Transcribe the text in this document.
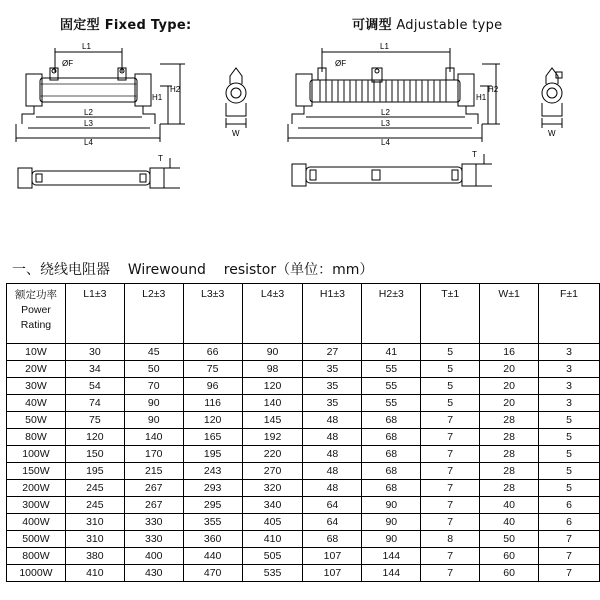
固定型 Fixed Type:	可调型 Adjustable type
L1
ØF
L2
L3
L4
H1
H2
W
T
L1
ØF
L2
L3
L4
H1
H2
W
T
一、绕线电阻器 Wirewound resistor（单位：mm）
额定功率
Power
Rating	L1±3	L2±3	L3±3	L4±3	H1±3	H2±3	T±1	W±1	F±1
10W	30	45	66	90	27	41	5	16	3
20W	34	50	75	98	35	55	5	20	3
30W	54	70	96	120	35	55	5	20	3
40W	74	90	116	140	35	55	5	20	3
50W	75	90	120	145	48	68	7	28	5
80W	120	140	165	192	48	68	7	28	5
100W	150	170	195	220	48	68	7	28	5
150W	195	215	243	270	48	68	7	28	5
200W	245	267	293	320	48	68	7	28	5
300W	245	267	295	340	64	90	7	40	6
400W	310	330	355	405	64	90	7	40	6
500W	310	330	360	410	68	90	8	50	7
800W	380	400	440	505	107	144	7	60	7
1000W	410	430	470	535	107	144	7	60	7
